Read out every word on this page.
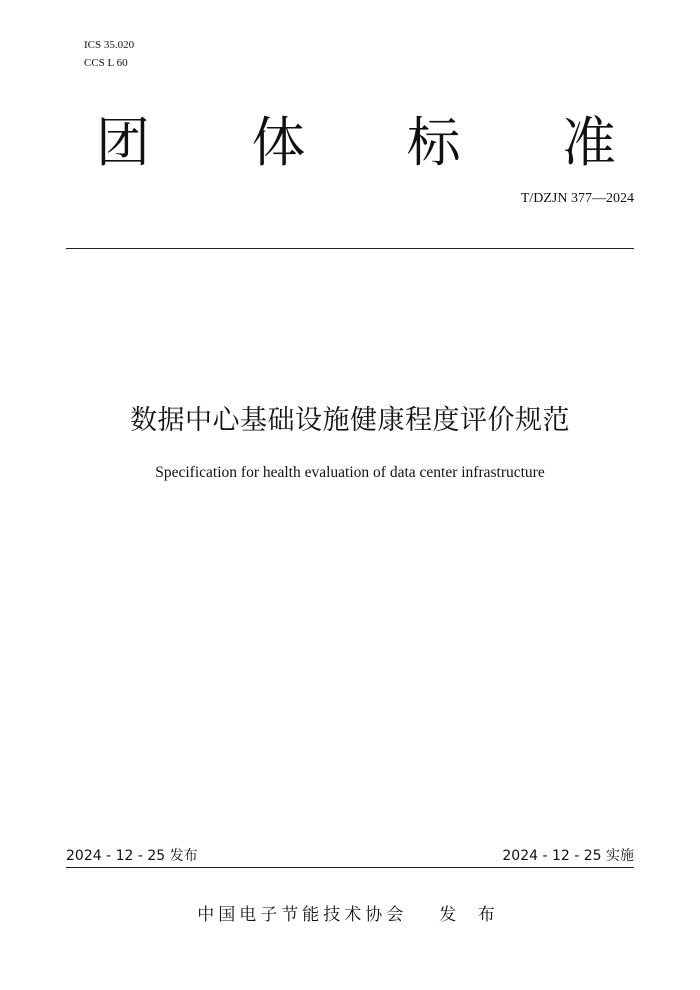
ICS 35.020
CCS L 60
团 体 标 准
T/DZJN 377—2024
数据中心基础设施健康程度评价规范
Specification for health evaluation of data center infrastructure
2024 - 12 - 25 发布	2024 - 12 - 25 实施
中国电子节能技术协会 发 布
